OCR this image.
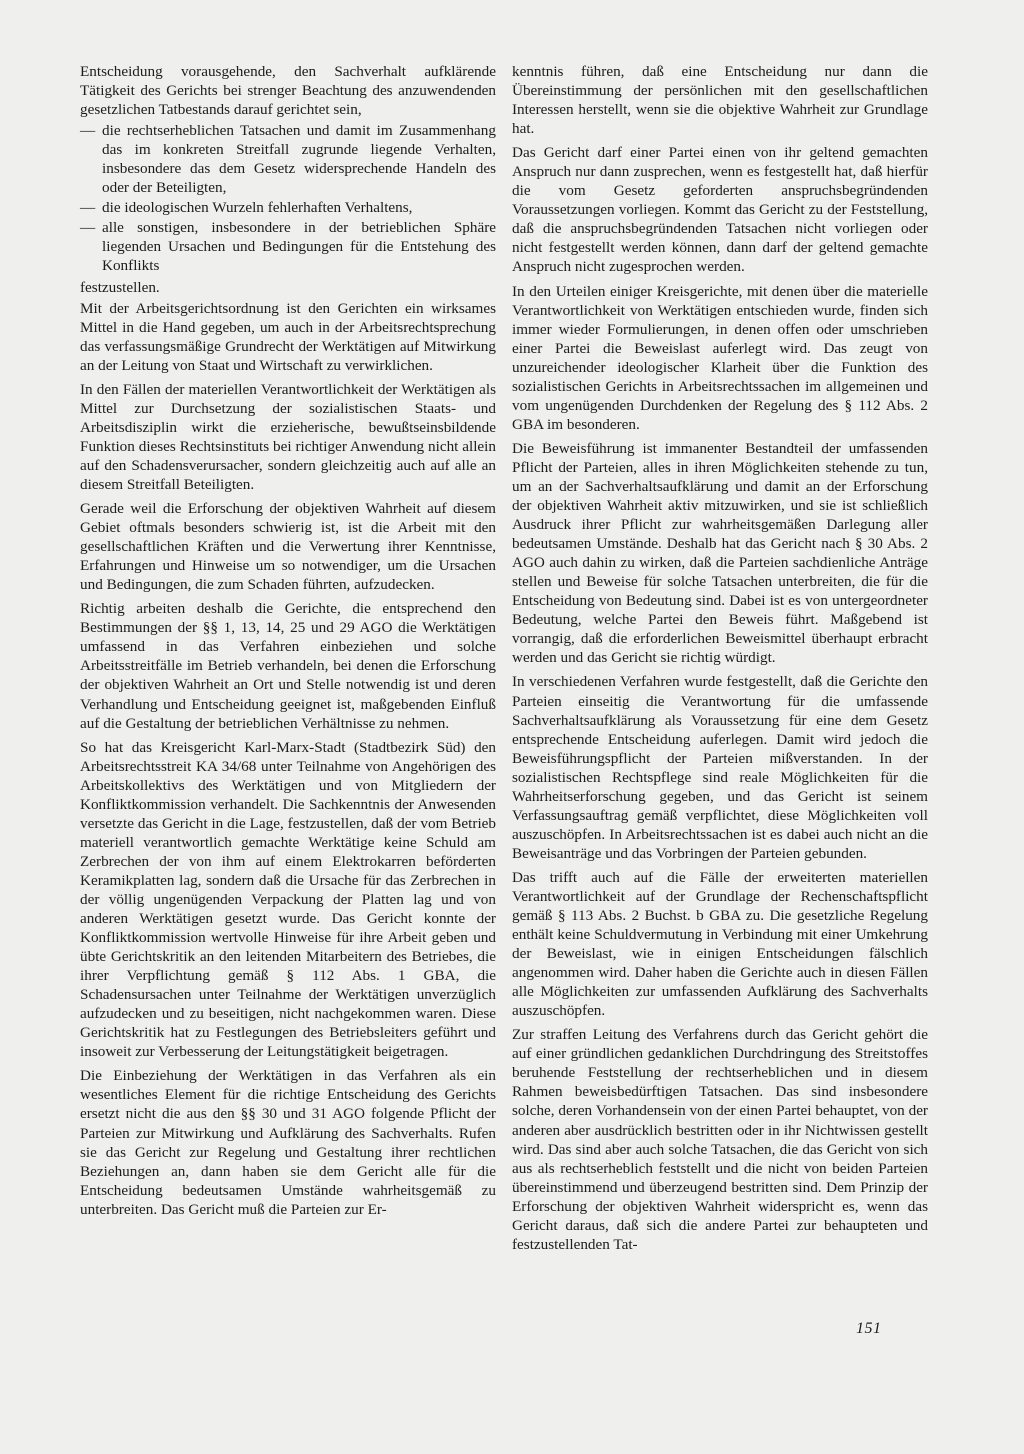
Entscheidung vorausgehende, den Sachverhalt aufklärende Tätigkeit des Gerichts bei strenger Beachtung des anzuwendenden gesetzlichen Tatbestands darauf gerichtet sein,

— die rechtserheblichen Tatsachen und damit im Zusammenhang das im konkreten Streitfall zugrunde liegende Verhalten, insbesondere das dem Gesetz widersprechende Handeln des oder der Beteiligten,
— die ideologischen Wurzeln fehlerhaften Verhaltens,
— alle sonstigen, insbesondere in der betrieblichen Sphäre liegenden Ursachen und Bedingungen für die Entstehung des Konflikts

festzustellen.

Mit der Arbeitsgerichtsordnung ist den Gerichten ein wirksames Mittel in die Hand gegeben, um auch in der Arbeitsrechtsprechung das verfassungsmäßige Grundrecht der Werktätigen auf Mitwirkung an der Leitung von Staat und Wirtschaft zu verwirklichen.

In den Fällen der materiellen Verantwortlichkeit der Werktätigen als Mittel zur Durchsetzung der sozialistischen Staats- und Arbeitsdisziplin wirkt die erzieherische, bewußtseinsbildende Funktion dieses Rechtsinstituts bei richtiger Anwendung nicht allein auf den Schadensverursacher, sondern gleichzeitig auch auf alle an diesem Streitfall Beteiligten.

Gerade weil die Erforschung der objektiven Wahrheit auf diesem Gebiet oftmals besonders schwierig ist, ist die Arbeit mit den gesellschaftlichen Kräften und die Verwertung ihrer Kenntnisse, Erfahrungen und Hinweise um so notwendiger, um die Ursachen und Bedingungen, die zum Schaden führten, aufzudecken.

Richtig arbeiten deshalb die Gerichte, die entsprechend den Bestimmungen der §§ 1, 13, 14, 25 und 29 AGO die Werktätigen umfassend in das Verfahren einbeziehen und solche Arbeitsstreitfälle im Betrieb verhandeln, bei denen die Erforschung der objektiven Wahrheit an Ort und Stelle notwendig ist und deren Verhandlung und Entscheidung geeignet ist, maßgebenden Einfluß auf die Gestaltung der betrieblichen Verhältnisse zu nehmen.

So hat das Kreisgericht Karl-Marx-Stadt (Stadtbezirk Süd) den Arbeitsrechtsstreit KA 34/68 unter Teilnahme von Angehörigen des Arbeitskollektivs des Werktätigen und von Mitgliedern der Konfliktkommission verhandelt. Die Sachkenntnis der Anwesenden versetzte das Gericht in die Lage, festzustellen, daß der vom Betrieb materiell verantwortlich gemachte Werktätige keine Schuld am Zerbrechen der von ihm auf einem Elektrokarren beförderten Keramikplatten lag, sondern daß die Ursache für das Zerbrechen in der völlig ungenügenden Verpackung der Platten lag und von anderen Werktätigen gesetzt wurde. Das Gericht konnte der Konfliktkommission wertvolle Hinweise für ihre Arbeit geben und übte Gerichtskritik an den leitenden Mitarbeitern des Betriebes, die ihrer Verpflichtung gemäß § 112 Abs. 1 GBA, die Schadensursachen unter Teilnahme der Werktätigen unverzüglich aufzudecken und zu beseitigen, nicht nachgekommen waren. Diese Gerichtskritik hat zu Festlegungen des Betriebsleiters geführt und insoweit zur Verbesserung der Leitungstätigkeit beigetragen.

Die Einbeziehung der Werktätigen in das Verfahren als ein wesentliches Element für die richtige Entscheidung des Gerichts ersetzt nicht die aus den §§ 30 und 31 AGO folgende Pflicht der Parteien zur Mitwirkung und Aufklärung des Sachverhalts. Rufen sie das Gericht zur Regelung und Gestaltung ihrer rechtlichen Beziehungen an, dann haben sie dem Gericht alle für die Entscheidung bedeutsamen Umstände wahrheitsgemäß zu unterbreiten. Das Gericht muß die Parteien zur Er-

kenntnis führen, daß eine Entscheidung nur dann die Übereinstimmung der persönlichen mit den gesellschaftlichen Interessen herstellt, wenn sie die objektive Wahrheit zur Grundlage hat.

Das Gericht darf einer Partei einen von ihr geltend gemachten Anspruch nur dann zusprechen, wenn es festgestellt hat, daß hierfür die vom Gesetz geforderten anspruchsbegründenden Voraussetzungen vorliegen. Kommt das Gericht zu der Feststellung, daß die anspruchsbegründenden Tatsachen nicht vorliegen oder nicht festgestellt werden können, dann darf der geltend gemachte Anspruch nicht zugesprochen werden.

In den Urteilen einiger Kreisgerichte, mit denen über die materielle Verantwortlichkeit von Werktätigen entschieden wurde, finden sich immer wieder Formulierungen, in denen offen oder umschrieben einer Partei die Beweislast auferlegt wird. Das zeugt von unzureichender ideologischer Klarheit über die Funktion des sozialistischen Gerichts in Arbeitsrechtssachen im allgemeinen und vom ungenügenden Durchdenken der Regelung des § 112 Abs. 2 GBA im besonderen.

Die Beweisführung ist immanenter Bestandteil der umfassenden Pflicht der Parteien, alles in ihren Möglichkeiten stehende zu tun, um an der Sachverhaltsaufklärung und damit an der Erforschung der objektiven Wahrheit aktiv mitzuwirken, und sie ist schließlich Ausdruck ihrer Pflicht zur wahrheitsgemäßen Darlegung aller bedeutsamen Umstände. Deshalb hat das Gericht nach § 30 Abs. 2 AGO auch dahin zu wirken, daß die Parteien sachdienliche Anträge stellen und Beweise für solche Tatsachen unterbreiten, die für die Entscheidung von Bedeutung sind. Dabei ist es von untergeordneter Bedeutung, welche Partei den Beweis führt. Maßgebend ist vorrangig, daß die erforderlichen Beweismittel überhaupt erbracht werden und das Gericht sie richtig würdigt.

In verschiedenen Verfahren wurde festgestellt, daß die Gerichte den Parteien einseitig die Verantwortung für die umfassende Sachverhaltsaufklärung als Voraussetzung für eine dem Gesetz entsprechende Entscheidung auferlegen. Damit wird jedoch die Beweisführungspflicht der Parteien mißverstanden. In der sozialistischen Rechtspflege sind reale Möglichkeiten für die Wahrheitserforschung gegeben, und das Gericht ist seinem Verfassungsauftrag gemäß verpflichtet, diese Möglichkeiten voll auszuschöpfen. In Arbeitsrechtssachen ist es dabei auch nicht an die Beweisanträge und das Vorbringen der Parteien gebunden.

Das trifft auch auf die Fälle der erweiterten materiellen Verantwortlichkeit auf der Grundlage der Rechenschaftspflicht gemäß § 113 Abs. 2 Buchst. b GBA zu. Die gesetzliche Regelung enthält keine Schuldvermutung in Verbindung mit einer Umkehrung der Beweislast, wie in einigen Entscheidungen fälschlich angenommen wird. Daher haben die Gerichte auch in diesen Fällen alle Möglichkeiten zur umfassenden Aufklärung des Sachverhalts auszuschöpfen.

Zur straffen Leitung des Verfahrens durch das Gericht gehört die auf einer gründlichen gedanklichen Durchdringung des Streitstoffes beruhende Feststellung der rechtserheblichen und in diesem Rahmen beweisbedürftigen Tatsachen. Das sind insbesondere solche, deren Vorhandensein von der einen Partei behauptet, von der anderen aber ausdrücklich bestritten oder in ihr Nichtwissen gestellt wird. Das sind aber auch solche Tatsachen, die das Gericht von sich aus als rechtserheblich feststellt und die nicht von beiden Parteien übereinstimmend und überzeugend bestritten sind. Dem Prinzip der Erforschung der objektiven Wahrheit widerspricht es, wenn das Gericht daraus, daß sich die andere Partei zur behaupteten und festzustellenden Tat-

151
